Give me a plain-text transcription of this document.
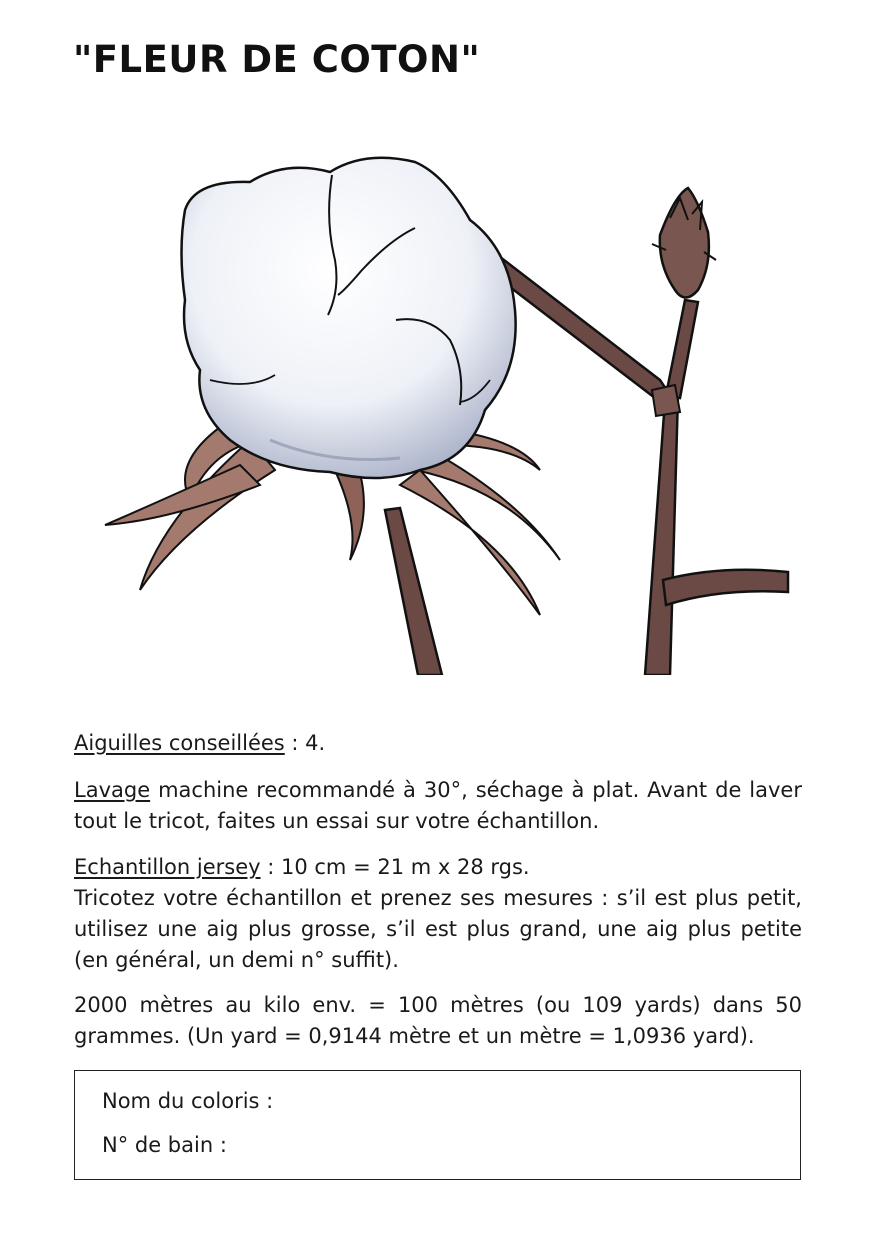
"FLEUR DE COTON"

Aiguilles conseillées : 4.

Lavage machine recommandé à 30°, séchage à plat. Avant de laver tout le tricot, faites un essai sur votre échantillon.

Echantillon jersey : 10 cm = 21 m x 28 rgs.

Tricotez votre échantillon et prenez ses mesures : s’il est plus petit, utilisez une aig plus grosse, s’il est plus grand, une aig plus petite (en général, un demi n° suffit).

2000 mètres au kilo env. = 100 mètres (ou 109 yards) dans 50 grammes. (Un yard = 0,9144 mètre et un mètre = 1,0936 yard).

Nom du coloris :
N° de bain :
